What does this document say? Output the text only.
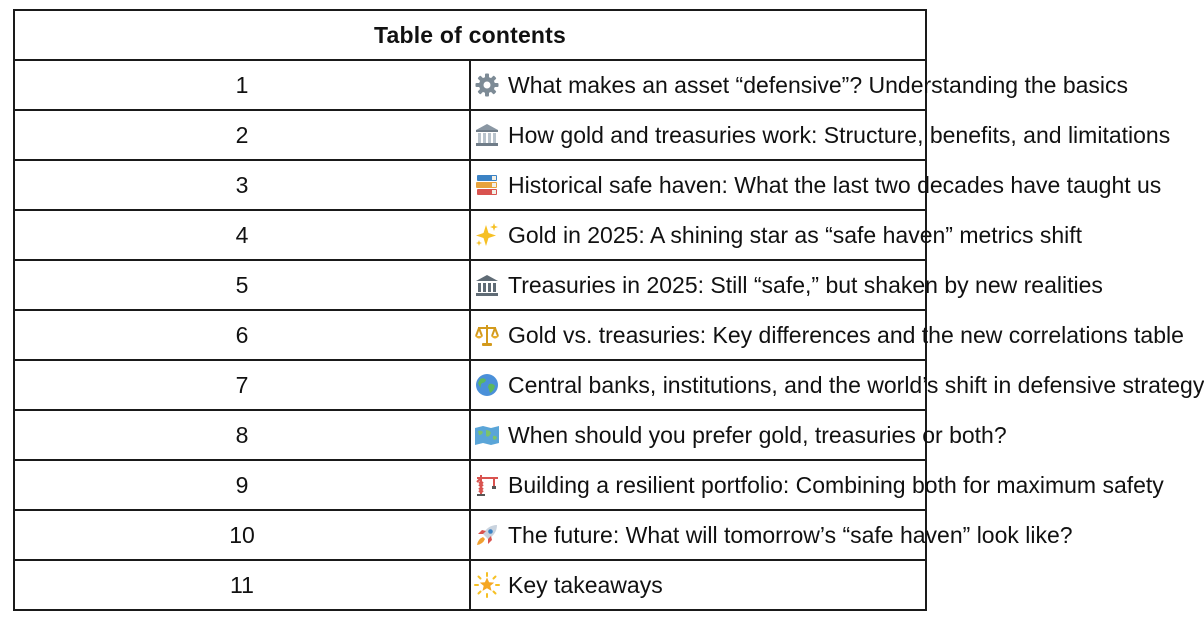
Table of contents	
1	What makes an asset “defensive”? Understanding the basics
2	How gold and treasuries work: Structure, benefits, and limitations
3	Historical safe haven: What the last two decades have taught us
4	Gold in 2025: A shining star as “safe haven” metrics shift
5	Treasuries in 2025: Still “safe,” but shaken by new realities
6	Gold vs. treasuries: Key differences and the new correlations table
7	Central banks, institutions, and the world’s shift in defensive strategy
8	When should you prefer gold, treasuries or both?
9	Building a resilient portfolio: Combining both for maximum safety
10	The future: What will tomorrow’s “safe haven” look like?
11	Key takeaways
